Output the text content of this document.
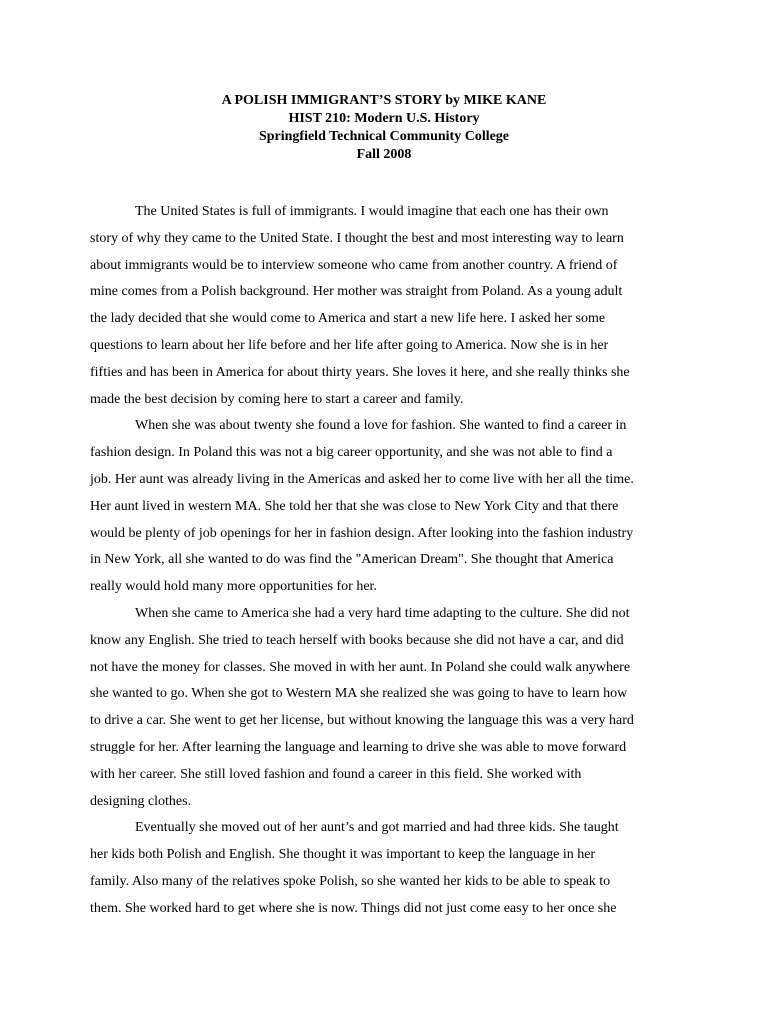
A POLISH IMMIGRANT’S STORY by MIKE KANE
HIST 210: Modern U.S. History
Springfield Technical Community College
Fall 2008
The United States is full of immigrants. I would imagine that each one has their own
story of why they came to the United State. I thought the best and most interesting way to learn
about immigrants would be to interview someone who came from another country. A friend of
mine comes from a Polish background. Her mother was straight from Poland. As a young adult
the lady decided that she would come to America and start a new life here. I asked her some
questions to learn about her life before and her life after going to America. Now she is in her
fifties and has been in America for about thirty years. She loves it here, and she really thinks she
made the best decision by coming here to start a career and family.
When she was about twenty she found a love for fashion. She wanted to find a career in
fashion design. In Poland this was not a big career opportunity, and she was not able to find a
job. Her aunt was already living in the Americas and asked her to come live with her all the time.
Her aunt lived in western MA. She told her that she was close to New York City and that there
would be plenty of job openings for her in fashion design. After looking into the fashion industry
in New York, all she wanted to do was find the "American Dream". She thought that America
really would hold many more opportunities for her.
When she came to America she had a very hard time adapting to the culture. She did not
know any English. She tried to teach herself with books because she did not have a car, and did
not have the money for classes. She moved in with her aunt. In Poland she could walk anywhere
she wanted to go. When she got to Western MA she realized she was going to have to learn how
to drive a car. She went to get her license, but without knowing the language this was a very hard
struggle for her. After learning the language and learning to drive she was able to move forward
with her career. She still loved fashion and found a career in this field. She worked with
designing clothes.
Eventually she moved out of her aunt’s and got married and had three kids. She taught
her kids both Polish and English. She thought it was important to keep the language in her
family. Also many of the relatives spoke Polish, so she wanted her kids to be able to speak to
them. She worked hard to get where she is now. Things did not just come easy to her once she
